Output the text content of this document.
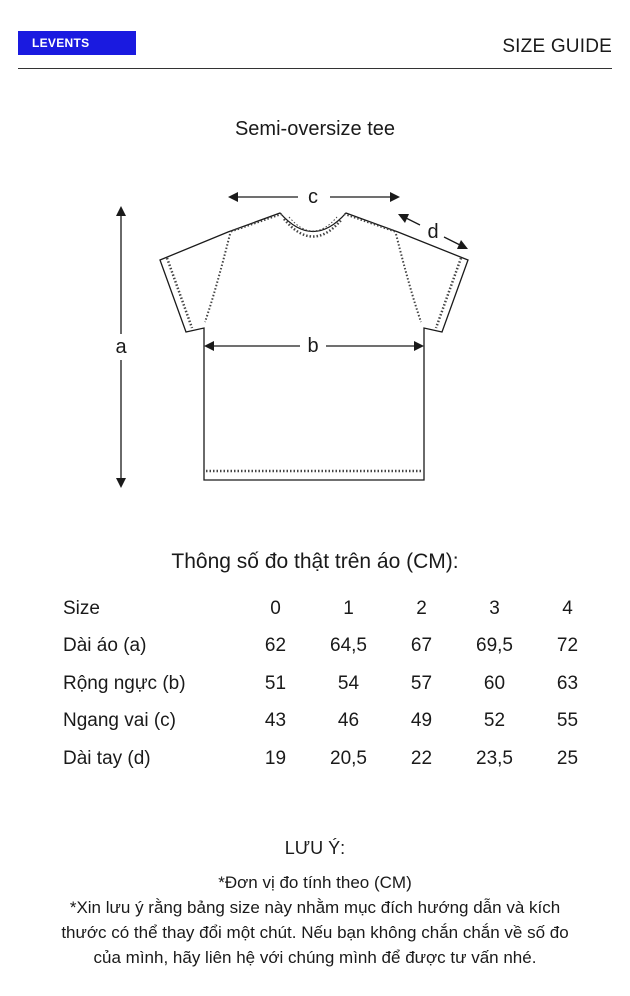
LEVENTS	SIZE GUIDE
Semi-oversize tee
a	b
c
d
Thông số đo thật trên áo (CM):
Size	0	1	2	3	4
Dài áo (a)	62	64,5	67	69,5	72
Rộng ngực (b)	51	54	57	60	63
Ngang vai (c)	43	46	49	52	55
Dài tay (d)	19	20,5	22	23,5	25
LƯU Ý:
*Đơn vị đo tính theo (CM)
*Xin lưu ý rằng bảng size này nhằm mục đích hướng dẫn và kích
thước có thể thay đổi một chút. Nếu bạn không chắn chắn về số đo
của mình, hãy liên hệ với chúng mình để được tư vấn nhé.
